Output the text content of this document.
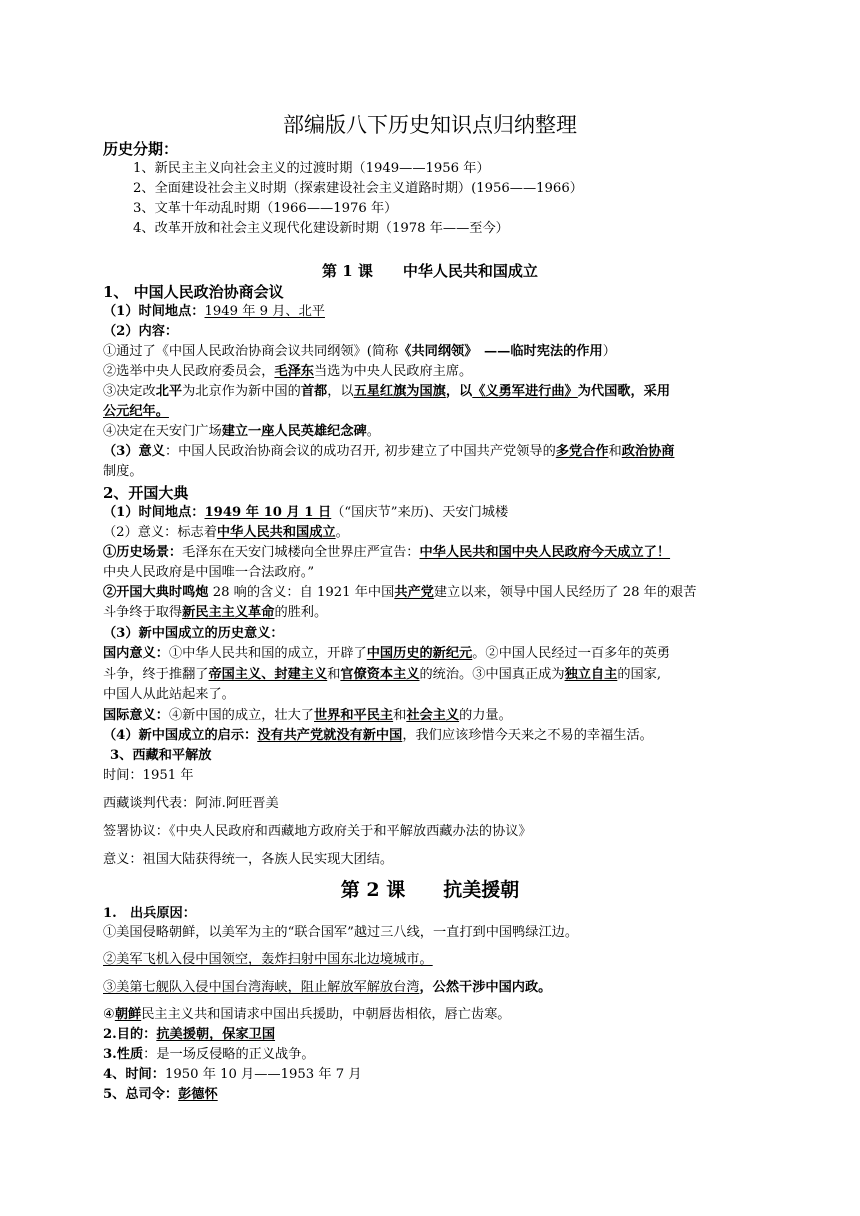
部编版八下历史知识点归纳整理
历史分期：
1、新民主主义向社会主义的过渡时期（1949——1956 年）
2、全面建设社会主义时期（探索建设社会主义道路时期）(1956——1966）
3、文革十年动乱时期（1966——1976 年）
4、改革开放和社会主义现代化建设新时期（1978 年——至今）
第 1 课　　中华人民共和国成立
1、 中国人民政治协商会议
（1）时间地点：1949 年 9 月、北平
（2）内容：
①通过了《中国人民政治协商会议共同纲领》(简称《共同纲领》　——临时宪法的作用）
②选举中央人民政府委员会，毛泽东当选为中央人民政府主席。
③决定改北平为北京作为新中国的首都，以五星红旗为国旗，以《义勇军进行曲》为代国歌，采用
公元纪年。
④决定在天安门广场建立一座人民英雄纪念碑。
（3）意义：中国人民政治协商会议的成功召开, 初步建立了中国共产党领导的多党合作和政治协商
制度。
2、开国大典
（1）时间地点：1949 年 10 月 1 日（“国庆节”来历)、天安门城楼
（2）意义：标志着中华人民共和国成立。
①历史场景：毛泽东在天安门城楼向全世界庄严宣告：中华人民共和国中央人民政府今天成立了！
中央人民政府是中国唯一合法政府。”
②开国大典时鸣炮 28 响的含义：自 1921 年中国共产党建立以来，领导中国人民经历了 28 年的艰苦
斗争终于取得新民主主义革命的胜利。
（3）新中国成立的历史意义：
国内意义：①中华人民共和国的成立，开辟了中国历史的新纪元。②中国人民经过一百多年的英勇
斗争，终于推翻了帝国主义、封建主义和官僚资本主义的统治。③中国真正成为独立自主的国家,
中国人从此站起来了。
国际意义：④新中国的成立，壮大了世界和平民主和社会主义的力量。
（4）新中国成立的启示：没有共产党就没有新中国，我们应该珍惜今天来之不易的幸福生活。
3、西藏和平解放
时间：1951 年
西藏谈判代表：阿沛.阿旺晋美
签署协议：《中央人民政府和西藏地方政府关于和平解放西藏办法的协议》
意义：祖国大陆获得统一，各族人民实现大团结。
第 2 课　　抗美援朝
1.　出兵原因：
①美国侵略朝鲜，以美军为主的“联合国军”越过三八线，一直打到中国鸭绿江边。
②美军飞机入侵中国领空，轰炸扫射中国东北边境城市。
③美第七舰队入侵中国台湾海峡，阻止解放军解放台湾，公然干涉中国内政。
④朝鲜民主主义共和国请求中国出兵援助，中朝唇齿相依，唇亡齿寒。
2.目的：抗美援朝，保家卫国
3.性质：是一场反侵略的正义战争。
4、时间：1950 年 10 月——1953 年 7 月
5、总司令：彭德怀
